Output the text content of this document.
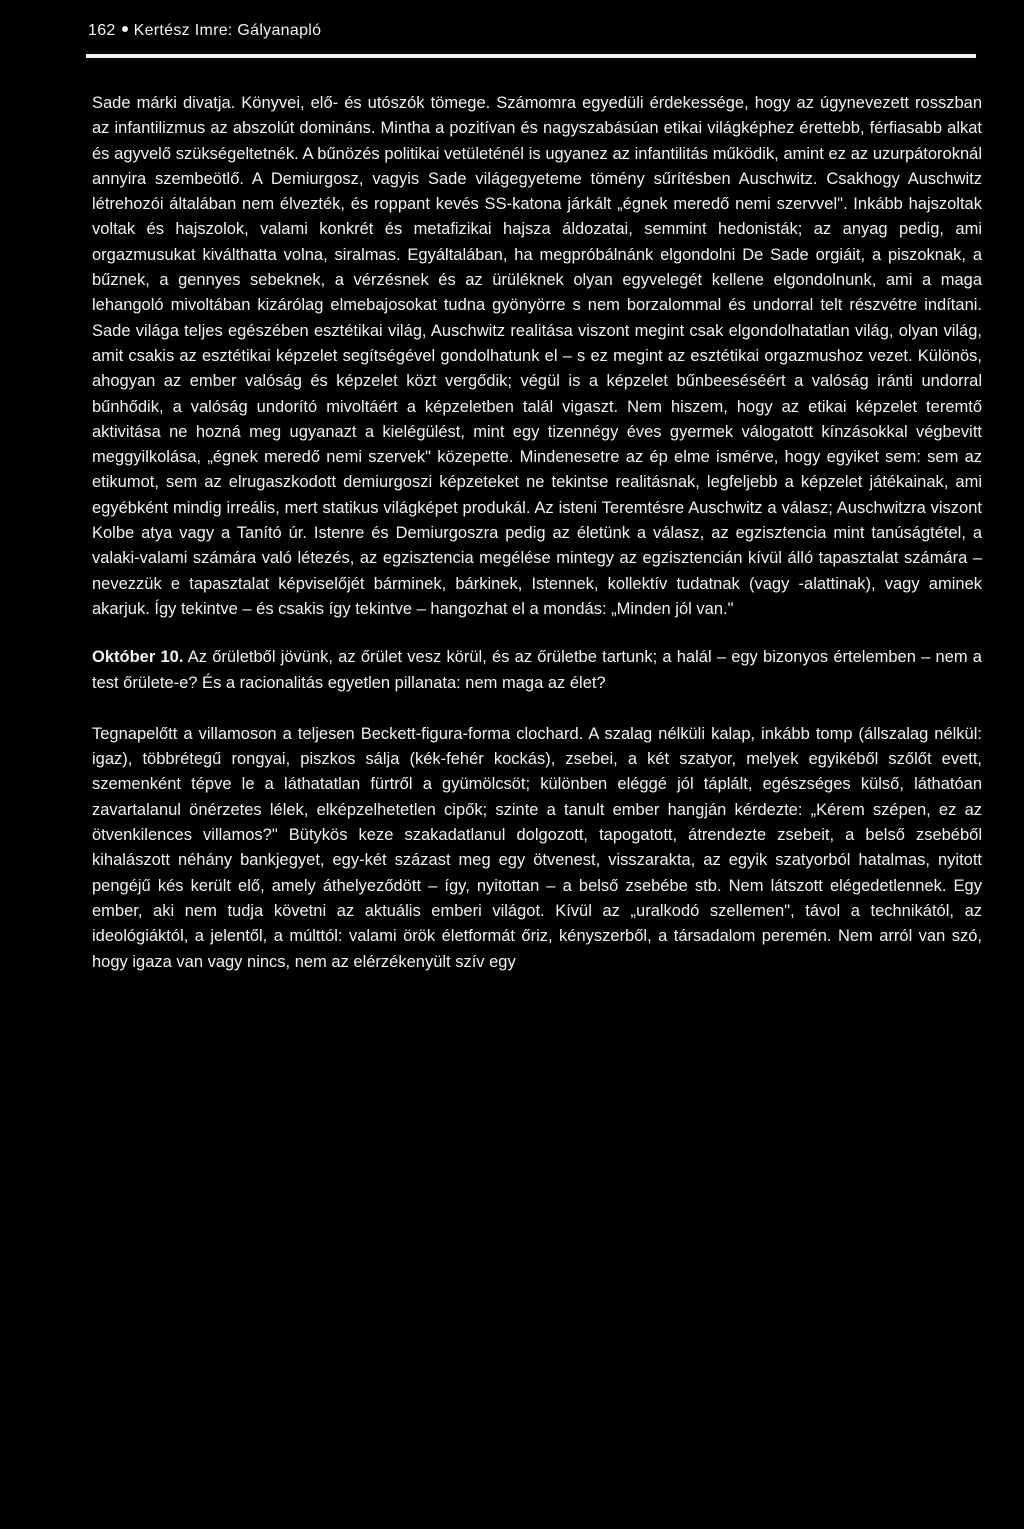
162 Kertész Imre: Gályanapló

Sade márki divatja. Könyvei, elő- és utószók tömege. Számomra egyedüli érdekessége, hogy az úgynevezett rosszban az infantilizmus az abszolút domináns. Mintha a pozitívan és nagyszabásúan etikai világképhez érettebb, férfiasabb alkat és agyvelő szükségeltetnék. A bűnözés politikai vetületénél is ugyanez az infantilitás működik, amint ez az uzurpátoroknál annyira szembeötlő. A Demiurgosz, vagyis Sade világegyeteme tömény sűrítésben Auschwitz. Csakhogy Auschwitz létrehozói általában nem élvezték, és roppant kevés SS-katona járkált „égnek meredő nemi szervvel". Inkább hajszoltak voltak és hajszolok, valami konkrét és metafizikai hajsza áldozatai, semmint hedonisták; az anyag pedig, ami orgazmusukat kiválthatta volna, siralmas. Egyáltalában, ha megpróbálnánk elgondolni De Sade orgiáit, a piszoknak, a bűznek, a gennyes sebeknek, a vérzésnek és az ürüléknek olyan egyvelegét kellene elgondolnunk, ami a maga lehangoló mivoltában kizárólag elmebajosokat tudna gyönyörre s nem borzalommal és undorral telt részvétre indítani. Sade világa teljes egészében esztétikai világ, Auschwitz realitása viszont megint csak elgondolhatatlan világ, olyan világ, amit csakis az esztétikai képzelet segítségével gondolhatunk el – s ez megint az esztétikai orgazmushoz vezet. Különös, ahogyan az ember valóság és képzelet közt vergődik; végül is a képzelet bűnbeeséséért a valóság iránti undorral bűnhődik, a valóság undorító mivoltáért a képzeletben talál vigaszt. Nem hiszem, hogy az etikai képzelet teremtő aktivitása ne hozná meg ugyanazt a kielégülést, mint egy tizennégy éves gyermek válogatott kínzásokkal végbevitt meggyilkolása, „égnek meredő nemi szervek" közepette. Mindenesetre az ép elme ismérve, hogy egyiket sem: sem az etikumot, sem az elrugaszkodott demiurgoszi képzeteket ne tekintse realitásnak, legfeljebb a képzelet játékainak, ami egyébként mindig irreális, mert statikus világképet produkál. Az isteni Teremtésre Auschwitz a válasz; Auschwitzra viszont Kolbe atya vagy a Tanító úr. Istenre és Demiurgoszra pedig az életünk a válasz, az egzisztencia mint tanúságtétel, a valaki-valami számára való létezés, az egzisztencia megélése mintegy az egzisztencián kívül álló tapasztalat számára – nevezzük e tapasztalat képviselőjét bárminek, bárkinek, Istennek, kollektív tudatnak (vagy -alattinak), vagy aminek akarjuk. Így tekintve – és csakis így tekintve – hangozhat el a mondás: „Minden jól van."

Október 10. Az őrületből jövünk, az őrület vesz körül, és az őrületbe tartunk; a halál – egy bizonyos értelemben – nem a test őrülete-e? És a racionalitás egyetlen pillanata: nem maga az élet?

Tegnapelőtt a villamoson a teljesen Beckett-figura-forma clochard. A szalag nélküli kalap, inkább tomp (állszalag nélkül: igaz), többrétegű rongyai, piszkos sálja (kék-fehér kockás), zsebei, a két szatyor, melyek egyikéből szőlőt evett, szemenként tépve le a láthatatlan fürtről a gyümölcsöt; különben eléggé jól táplált, egészséges külső, láthatóan zavartalanul önérzetes lélek, elképzelhetetlen cipők; szinte a tanult ember hangján kérdezte: „Kérem szépen, ez az ötvenkilences villamos?" Bütykös keze szakadatlanul dolgozott, tapogatott, átrendezte zsebeit, a belső zsebéből kihalászott néhány bankjegyet, egy-két százast meg egy ötvenest, visszarakta, az egyik szatyorból hatalmas, nyitott pengéjű kés került elő, amely áthelyeződött – így, nyitottan – a belső zsebébe stb. Nem látszott elégedetlennek. Egy ember, aki nem tudja követni az aktuális emberi világot. Kívül az „uralkodó szellemen", távol a technikától, az ideológiáktól, a jelentől, a múlttól: valami örök életformát őriz, kényszerből, a társadalom peremén. Nem arról van szó, hogy igaza van vagy nincs, nem az elérzékenyült szív egy
